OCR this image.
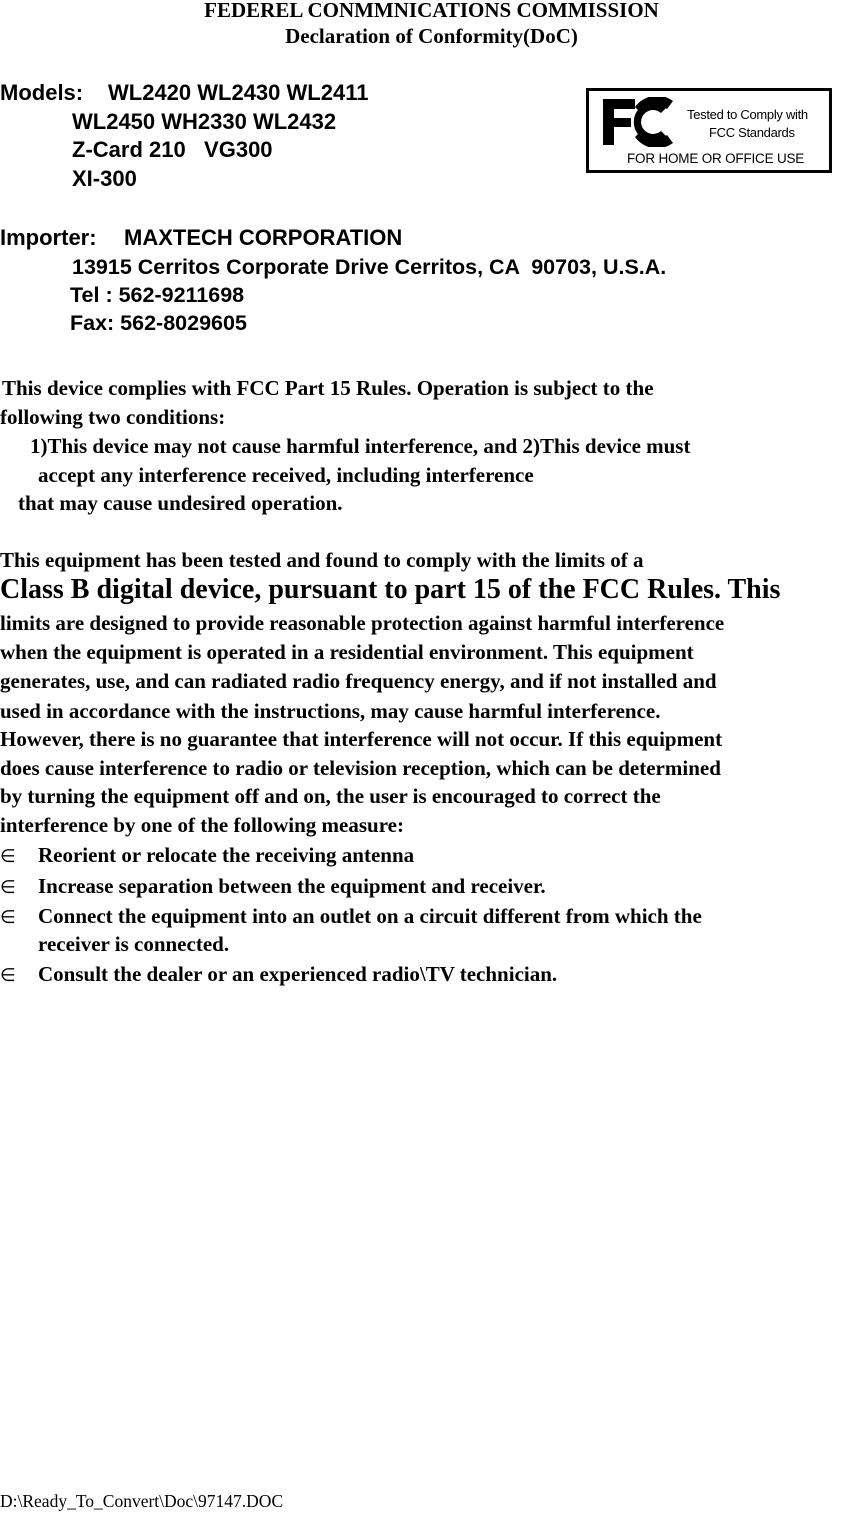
FEDEREL CONMMNICATIONS COMMISSION
Declaration of Conformity(DoC)
Models: WL2420 WL2430 WL2411
WL2450 WH2330 WL2432
Z-Card 210   VG300
XI-300
Tested to Comply with
FCC Standards
FOR HOME OR OFFICE USE
Importer: MAXTECH CORPORATION
13915 Cerritos Corporate Drive Cerritos, CA  90703, U.S.A.
Tel : 562-9211698
Fax: 562-8029605
This device complies with FCC Part 15 Rules. Operation is subject to the
following two conditions:
1)This device may not cause harmful interference, and 2)This device must
accept any interference received, including interference
that may cause undesired operation.
This equipment has been tested and found to comply with the limits of a
Class B digital device, pursuant to part 15 of the FCC Rules. This
limits are designed to provide reasonable protection against harmful interference
when the equipment is operated in a residential environment. This equipment
generates, use, and can radiated radio frequency energy, and if not installed and
used in accordance with the instructions, may cause harmful interference.
However, there is no guarantee that interference will not occur. If this equipment
does cause interference to radio or television reception, which can be determined
by turning the equipment off and on, the user is encouraged to correct the
interference by one of the following measure:
∈ Reorient or relocate the receiving antenna
∈ Increase separation between the equipment and receiver.
∈ Connect the equipment into an outlet on a circuit different from which the
receiver is connected.
∈ Consult the dealer or an experienced radio\TV technician.
D:\Ready_To_Convert\Doc\97147.DOC
